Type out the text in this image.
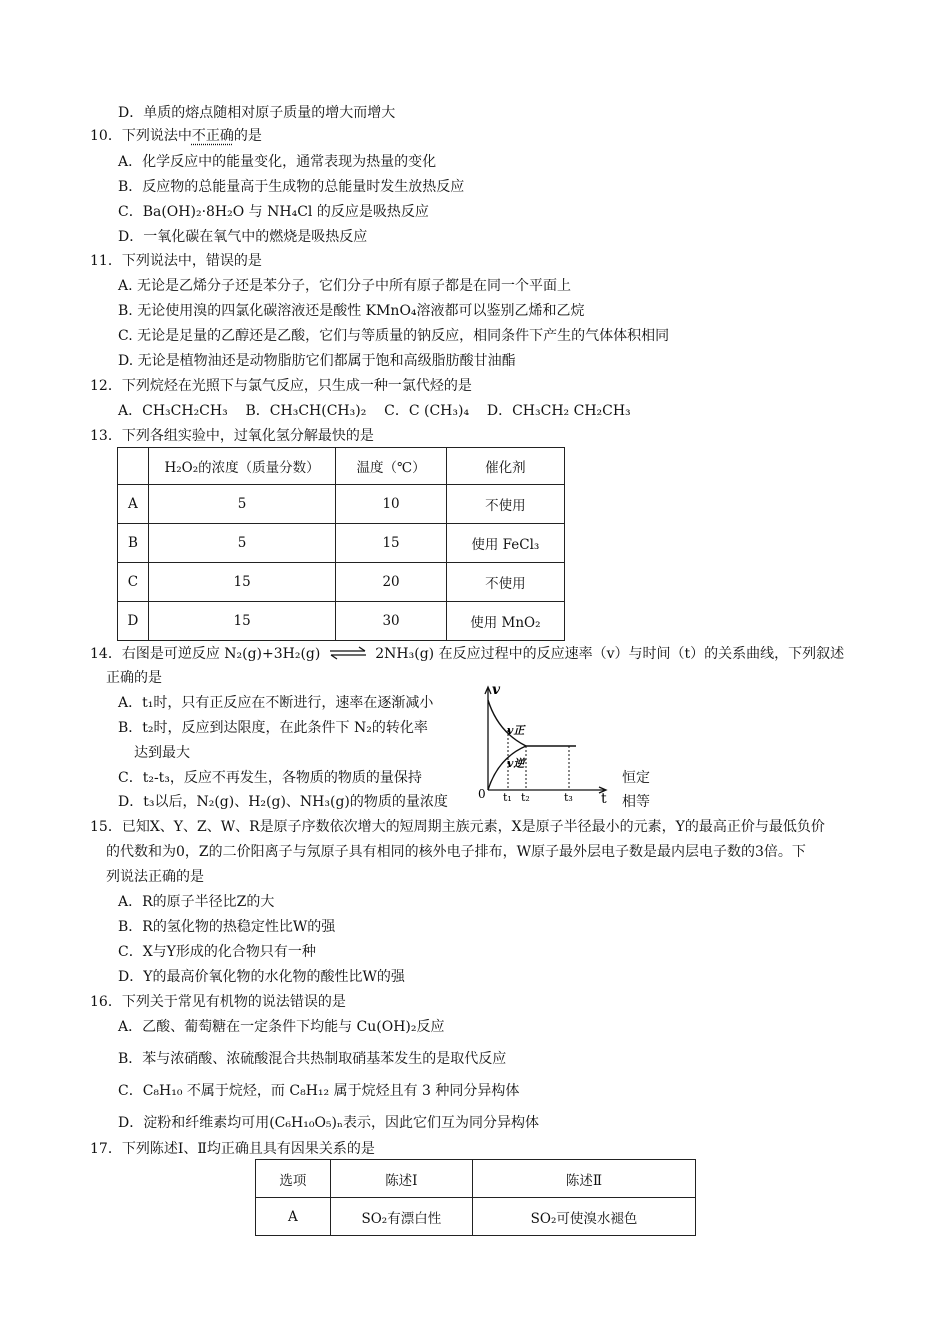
D．单质的熔点随相对原子质量的增大而增大
10．下列说法中不正确的是
A．化学反应中的能量变化，通常表现为热量的变化
B．反应物的总能量高于生成物的总能量时发生放热反应
C．Ba(OH)₂·8H₂O 与 NH₄Cl 的反应是吸热反应
D．一氧化碳在氧气中的燃烧是吸热反应
11．下列说法中，错误的是
A. 无论是乙烯分子还是苯分子，它们分子中所有原子都是在同一个平面上
B. 无论使用溴的四氯化碳溶液还是酸性 KMnO₄溶液都可以鉴别乙烯和乙烷
C. 无论是足量的乙醇还是乙酸，它们与等质量的钠反应，相同条件下产生的气体体积相同
D. 无论是植物油还是动物脂肪它们都属于饱和高级脂肪酸甘油酯
12．下列烷烃在光照下与氯气反应，只生成一种一氯代烃的是
A．CH₃CH₂CH₃    B．CH₃CH(CH₃)₂    C．C (CH₃)₄    D．CH₃CH₂ CH₂CH₃
13．下列各组实验中，过氧化氢分解最快的是
	H₂O₂的浓度（质量分数）	温度（℃）	催化剂
A	5	10	不使用
B	5	15	使用 FeCl₃
C	15	20	不使用
D	15	30	使用 MnO₂
14．右图是可逆反应 N₂(g)+3H₂(g) ⇌ 2NH₃(g) 在反应过程中的反应速率（v）与时间（t）的关系曲线，下列叙述
正确的是
A．t₁时，只有正反应在不断进行，速率在逐渐减小
B．t₂时，反应到达限度，在此条件下 N₂的转化率
达到最大
C．t₂-t₃，反应不再发生，各物质的物质的量保持	恒定
D．t₃以后，N₂(g)、H₂(g)、NH₃(g)的物质的量浓度	相等
v
t
0
v正
v逆
t₁ t₂	t₃
15．已知X、Y、Z、W、R是原子序数依次增大的短周期主族元素，X是原子半径最小的元素，Y的最高正价与最低负价
的代数和为0，Z的二价阳离子与氖原子具有相同的核外电子排布，W原子最外层电子数是最内层电子数的3倍。下
列说法正确的是
A．R的原子半径比Z的大
B．R的氢化物的热稳定性比W的强
C．X与Y形成的化合物只有一种
D．Y的最高价氧化物的水化物的酸性比W的强
16．下列关于常见有机物的说法错误的是
A．乙酸、葡萄糖在一定条件下均能与 Cu(OH)₂反应
B．苯与浓硝酸、浓硫酸混合共热制取硝基苯发生的是取代反应
C．C₈H₁₀ 不属于烷烃，而 C₈H₁₂ 属于烷烃且有 3 种同分异构体
D．淀粉和纤维素均可用(C₆H₁₀O₅)ₙ表示，因此它们互为同分异构体
17．下列陈述Ⅰ、Ⅱ均正确且具有因果关系的是
选项	陈述Ⅰ	陈述Ⅱ
A	SO₂有漂白性	SO₂可使溴水褪色
